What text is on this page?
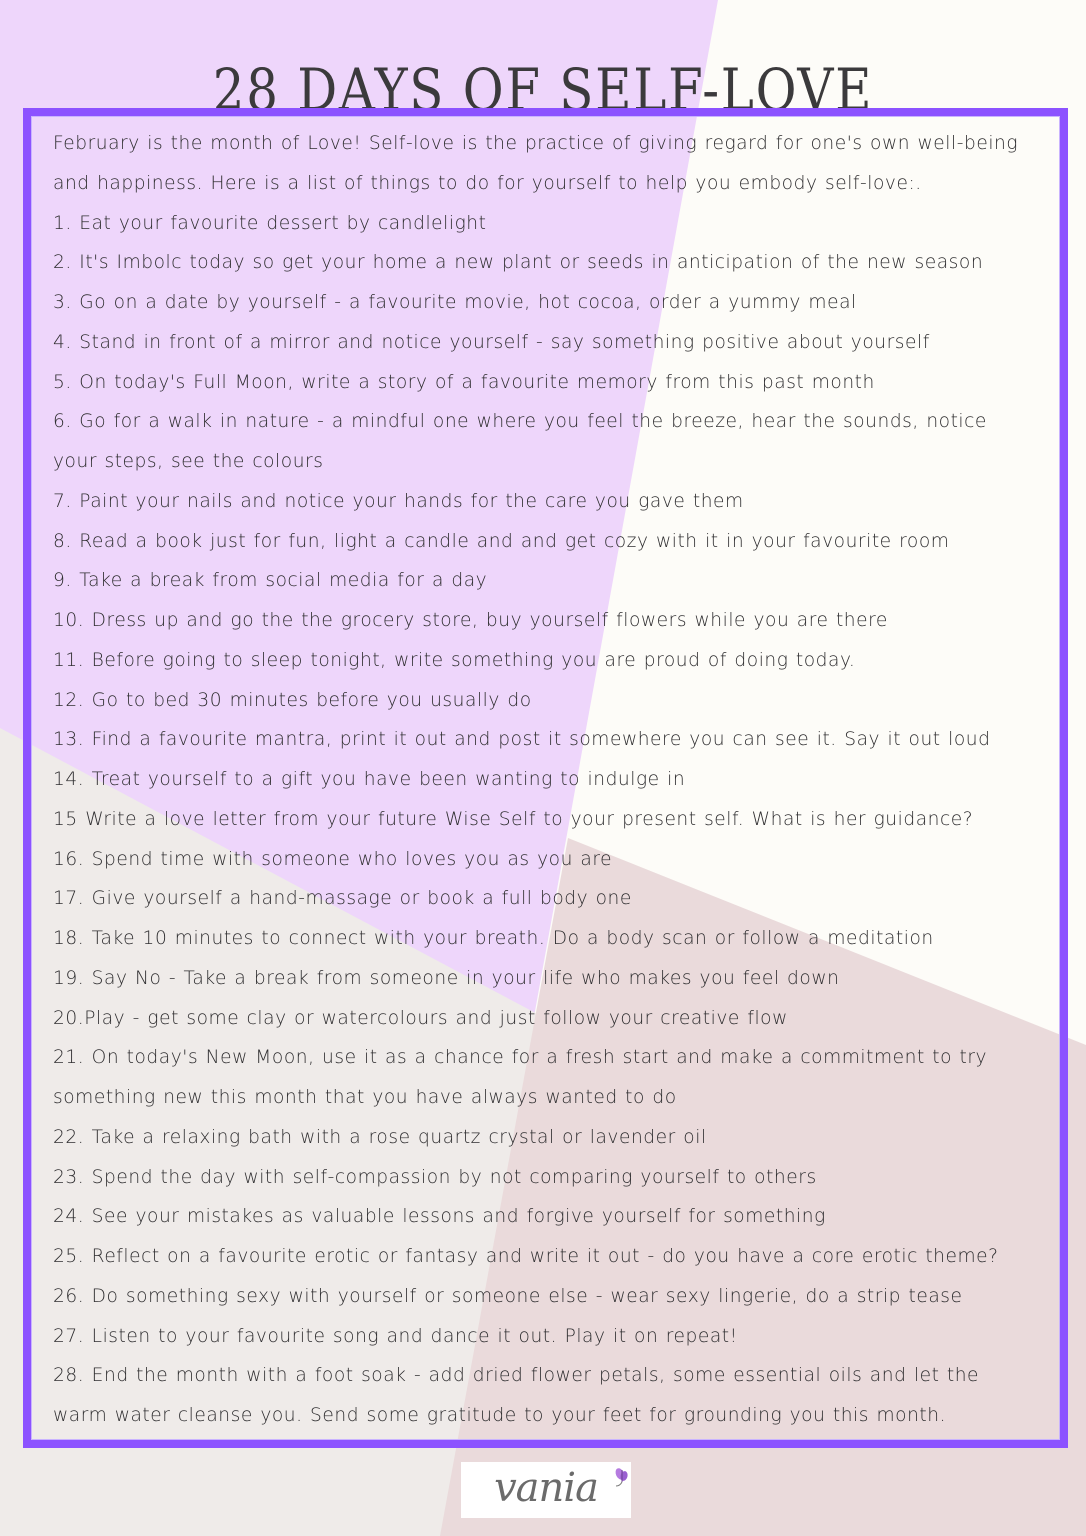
28 DAYS OF SELF-LOVE

February is the month of Love! Self-love is the practice of giving regard for one's own well-being and happiness. Here is a list of things to do for yourself to help you embody self-love:.

1. Eat your favourite dessert by candlelight

2. It's Imbolc today so get your home a new plant or seeds in anticipation of the new season

3. Go on a date by yourself - a favourite movie, hot cocoa, order a yummy meal

4. Stand in front of a mirror and notice yourself - say something positive about yourself

5. On today's Full Moon, write a story of a favourite memory from this past month

6. Go for a walk in nature - a mindful one where you feel the breeze, hear the sounds, notice your steps, see the colours

7. Paint your nails and notice your hands for the care you gave them

8. Read a book just for fun, light a candle and and get cozy with it in your favourite room

9. Take a break from social media for a day

10. Dress up and go the the grocery store, buy yourself flowers while you are there

11. Before going to sleep tonight, write something you are proud of doing today.

12. Go to bed 30 minutes before you usually do

13. Find a favourite mantra, print it out and post it somewhere you can see it. Say it out loud

14. Treat yourself to a gift you have been wanting to indulge in

15 Write a love letter from your future Wise Self to your present self. What is her guidance?

16. Spend time with someone who loves you as you are

17. Give yourself a hand-massage or book a full body one

18. Take 10 minutes to connect with your breath. Do a body scan or follow a meditation

19. Say No - Take a break from someone in your life who makes you feel down

20.Play - get some clay or watercolours and just follow your creative flow

21. On today's New Moon, use it as a chance for a fresh start and make a commitment to try something new this month that you have always wanted to do

22. Take a relaxing bath with a rose quartz crystal or lavender oil

23. Spend the day with self-compassion by not comparing yourself to others

24. See your mistakes as valuable lessons and forgive yourself for something

25. Reflect on a favourite erotic or fantasy and write it out - do you have a core erotic theme?

26. Do something sexy with yourself or someone else - wear sexy lingerie, do a strip tease

27. Listen to your favourite song and dance it out. Play it on repeat!

28. End the month with a foot soak - add dried flower petals, some essential oils and let the warm water cleanse you. Send some gratitude to your feet for grounding you this month.

vania
